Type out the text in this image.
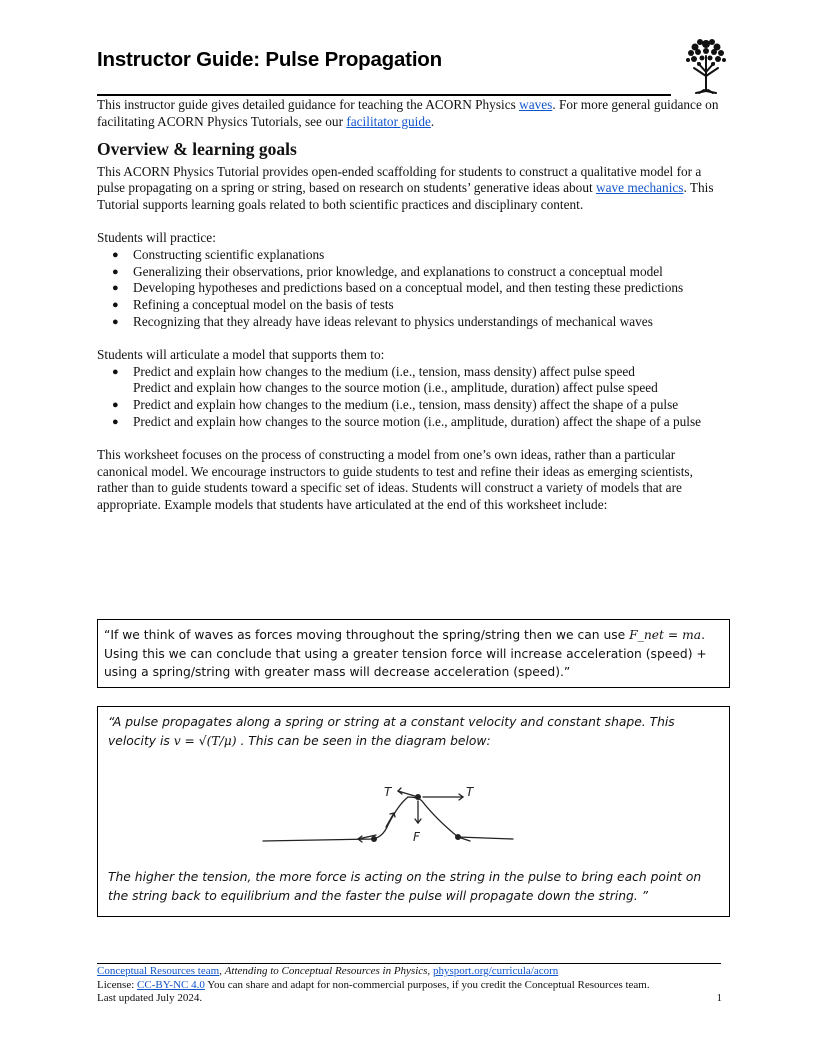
Instructor Guide: Pulse Propagation

This instructor guide gives detailed guidance for teaching the ACORN Physics waves. For more general guidance on facilitating ACORN Physics Tutorials, see our facilitator guide.

Overview & learning goals

This ACORN Physics Tutorial provides open-ended scaffolding for students to construct a qualitative model for a pulse propagating on a spring or string, based on research on students’ generative ideas about wave mechanics. This Tutorial supports learning goals related to both scientific practices and disciplinary content.

Students will practice:

● Constructing scientific explanations
● Generalizing their observations, prior knowledge, and explanations to construct a conceptual model
● Developing hypotheses and predictions based on a conceptual model, and then testing these predictions
● Refining a conceptual model on the basis of tests
● Recognizing that they already have ideas relevant to physics understandings of mechanical waves

Students will articulate a model that supports them to:

● Predict and explain how changes to the medium (i.e., tension, mass density) affect pulse speed
Predict and explain how changes to the source motion (i.e., amplitude, duration) affect pulse speed
● Predict and explain how changes to the medium (i.e., tension, mass density) affect the shape of a pulse
● Predict and explain how changes to the source motion (i.e., amplitude, duration) affect the shape of a pulse

This worksheet focuses on the process of constructing a model from one’s own ideas, rather than a particular canonical model. We encourage instructors to guide students to test and refine their ideas as emerging scientists, rather than to guide students toward a specific set of ideas. Students will construct a variety of models that are appropriate. Example models that students have articulated at the end of this worksheet include:

“If we think of waves as forces moving throughout the spring/string then we can use F_net = ma. Using this we can conclude that using a greater tension force will increase acceleration (speed) + using a spring/string with greater mass will decrease acceleration (speed).”
“A pulse propagates along a spring or string at a constant velocity and constant shape. This velocity is v = √(T/μ) . This can be seen in the diagram below:
T	T
F
The higher the tension, the more force is acting on the string in the pulse to bring each point on the string back to equilibrium and the faster the pulse will propagate down the string. ”
Conceptual Resources team, Attending to Conceptual Resources in Physics, physport.org/curricula/acorn
License: CC-BY-NC 4.0 You can share and adapt for non-commercial purposes, if you credit the Conceptual Resources team.
Last updated July 2024.	1
